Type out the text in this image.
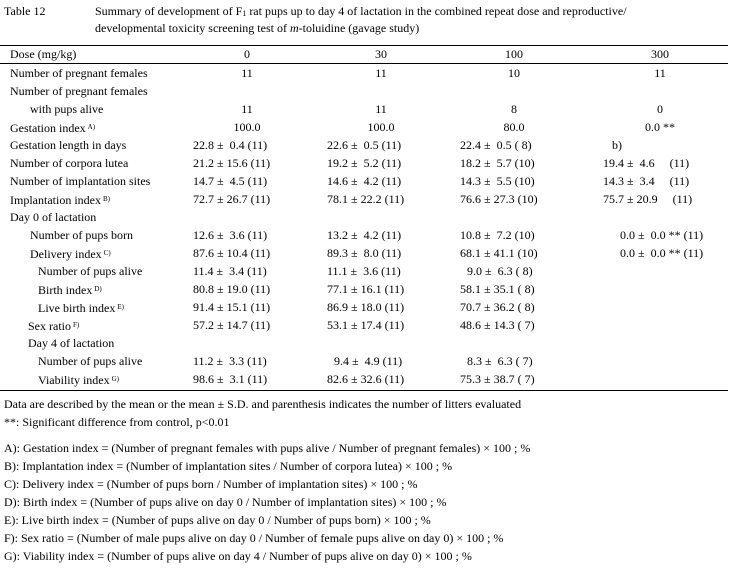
Table 12	Summary of development of F1 rat pups up to day 4 of lactation in the combined repeat dose and reproductive/
developmental toxicity screening test of m-toluidine (gavage study)
Dose (mg/kg)	0	30	100	300
Number of pregnant females	11	11	10	11
Number of pregnant females
with pups alive	11	11	8	0
Gestation index $^{A)}$	100.0	100.0	80.0	0.0 **
Gestation length in days	22.8 ±  0.4 (11)	22.6 ±  0.5 (11)	22.4 ±  0.5 ( 8)	b)
Number of corpora lutea	21.2 ± 15.6 (11)	19.2 ±  5.2 (11)	18.2 ±  5.7 (10)	19.4 ±  4.6     (11)
Number of implantation sites	14.7 ±  4.5 (11)	14.6 ±  4.2 (11)	14.3 ±  5.5 (10)	14.3 ±  3.4     (11)
Implantation index $^{B)}$	72.7 ± 26.7 (11)	78.1 ± 22.2 (11)	76.6 ± 27.3 (10)	75.7 ± 20.9     (11)
Day 0 of lactation
Number of pups born	12.6 ±  3.6 (11)	13.2 ±  4.2 (11)	10.8 ±  7.2 (10)	0.0 ±  0.0 ** (11)
Delivery index $^{C)}$	87.6 ± 10.4 (11)	89.3 ±  8.0 (11)	68.1 ± 41.1 (10)	0.0 ±  0.0 ** (11)
Number of pups alive	11.4 ±  3.4 (11)	11.1 ±  3.6 (11)	9.0 ±  6.3 ( 8)
Birth index $^{D)}$	80.8 ± 19.0 (11)	77.1 ± 16.1 (11)	58.1 ± 35.1 ( 8)
Live birth index $^{E)}$	91.4 ± 15.1 (11)	86.9 ± 18.0 (11)	70.7 ± 36.2 ( 8)
Sex ratio $^{F)}$	57.2 ± 14.7 (11)	53.1 ± 17.4 (11)	48.6 ± 14.3 ( 7)
Day 4 of lactation
Number of pups alive	11.2 ±  3.3 (11)	9.4 ±  4.9 (11)	8.3 ±  6.3 ( 7)
Viability index $^{G)}$	98.6 ±  3.1 (11)	82.6 ± 32.6 (11)	75.3 ± 38.7 ( 7)
Data are described by the mean or the mean ± S.D. and parenthesis indicates the number of litters evaluated
**: Significant difference from control, p<0.01
A): Gestation index = (Number of pregnant females with pups alive / Number of pregnant females) × 100 ; %
B): Implantation index = (Number of implantation sites / Number of corpora lutea) × 100 ; %
C): Delivery index = (Number of pups born / Number of implantation sites) × 100 ; %
D): Birth index = (Number of pups alive on day 0 / Number of implantation sites) × 100 ; %
E): Live birth index = (Number of pups alive on day 0 / Number of pups born) × 100 ; %
F): Sex ratio = (Number of male pups alive on day 0 / Number of female pups alive on day 0) × 100 ; %
G): Viability index = (Number of pups alive on day 4 / Number of pups alive on day 0) × 100 ; %
